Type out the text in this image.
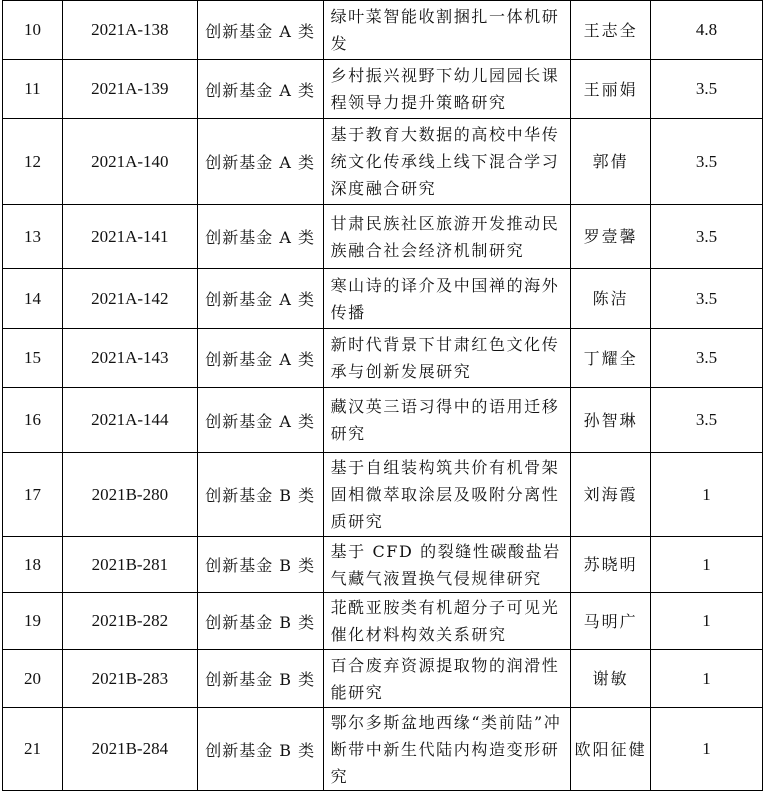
10	2021A-138	创新基金 A 类	绿叶菜智能收割捆扎一体机研发	王志全	4.8
11	2021A-139	创新基金 A 类	乡村振兴视野下幼儿园园长课程领导力提升策略研究	王丽娟	3.5
12	2021A-140	创新基金 A 类	基于教育大数据的高校中华传统文化传承线上线下混合学习深度融合研究	郭倩	3.5
13	2021A-141	创新基金 A 类	甘肃民族社区旅游开发推动民族融合社会经济机制研究	罗壹馨	3.5
14	2021A-142	创新基金 A 类	寒山诗的译介及中国禅的海外传播	陈洁	3.5
15	2021A-143	创新基金 A 类	新时代背景下甘肃红色文化传承与创新发展研究	丁耀全	3.5
16	2021A-144	创新基金 A 类	藏汉英三语习得中的语用迁移研究	孙智琳	3.5
17	2021B-280	创新基金 B 类	基于自组装构筑共价有机骨架固相微萃取涂层及吸附分离性质研究	刘海霞	1
18	2021B-281	创新基金 B 类	基于 CFD 的裂缝性碳酸盐岩气藏气液置换气侵规律研究	苏晓明	1
19	2021B-282	创新基金 B 类	苝酰亚胺类有机超分子可见光催化材料构效关系研究	马明广	1
20	2021B-283	创新基金 B 类	百合废弃资源提取物的润滑性能研究	谢敏	1
21	2021B-284	创新基金 B 类	鄂尔多斯盆地西缘“类前陆”冲断带中新生代陆内构造变形研究	欧阳征健	1
